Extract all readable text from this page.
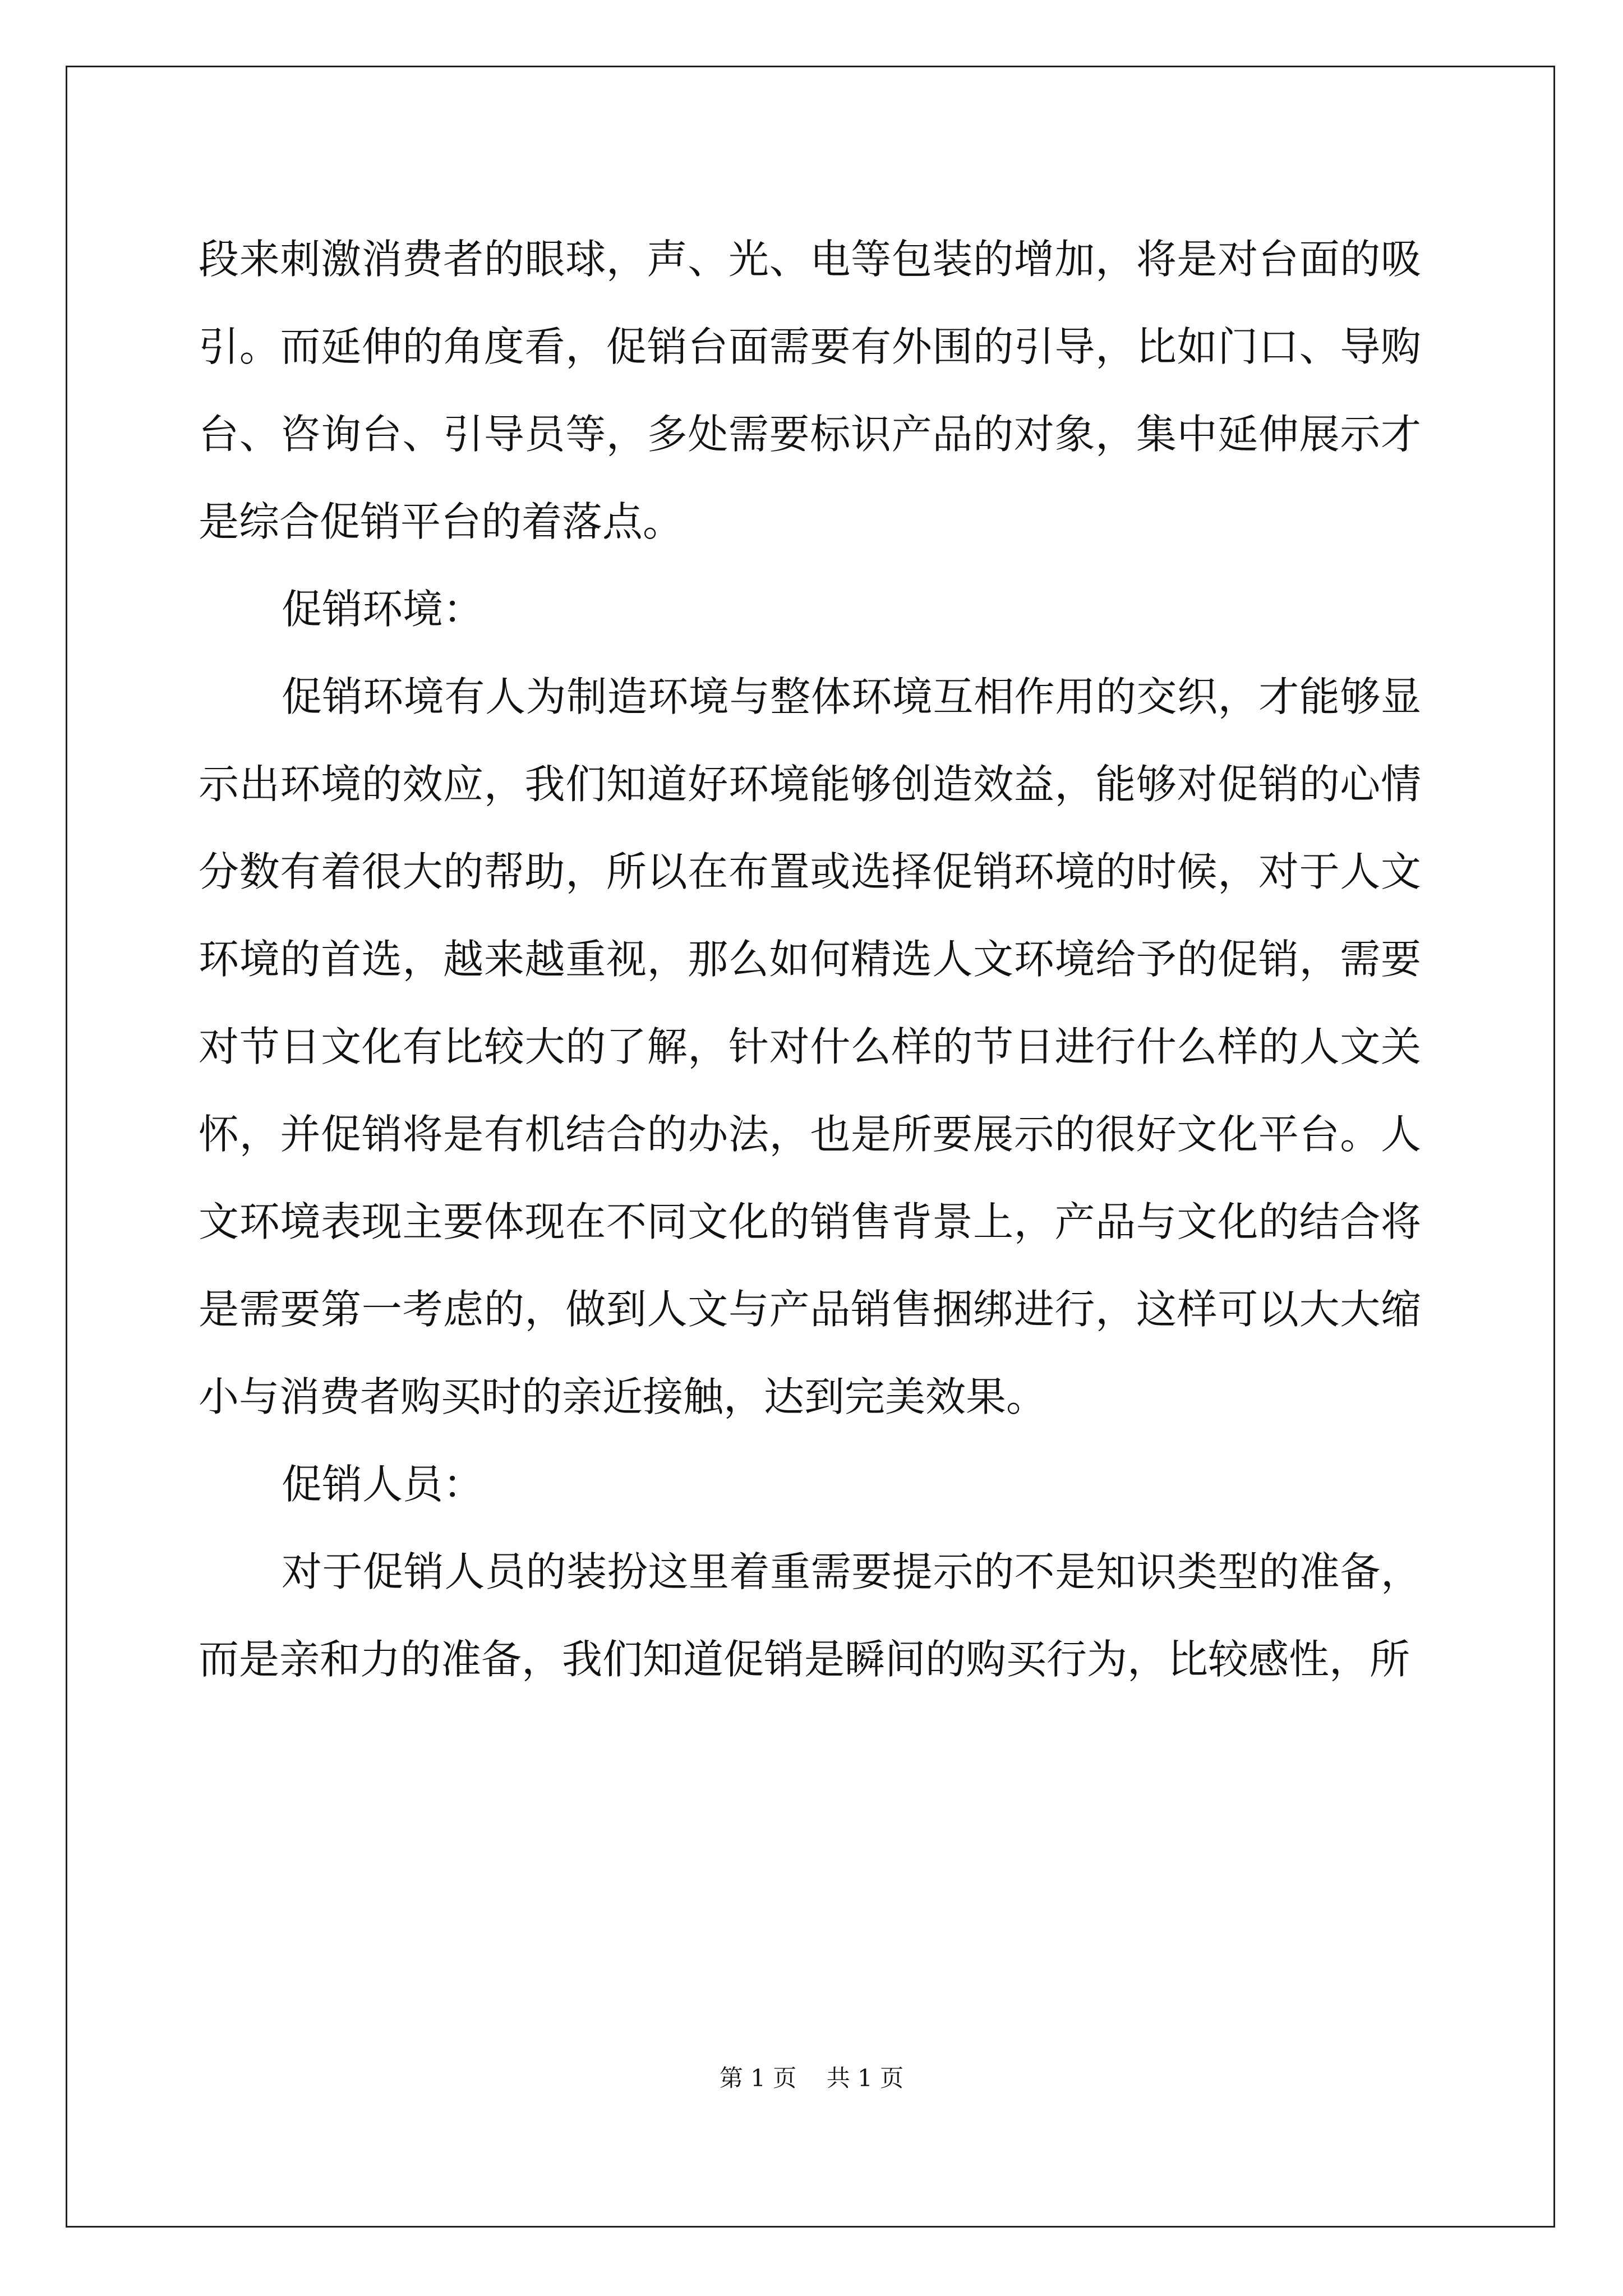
段来刺激消费者的眼球，声、光、电等包装的增加，将是对台面的吸引。而延伸的角度看，促销台面需要有外围的引导，比如门口、导购台、咨询台、引导员等，多处需要标识产品的对象，集中延伸展示才是综合促销平台的着落点。

促销环境：

促销环境有人为制造环境与整体环境互相作用的交织，才能够显示出环境的效应，我们知道好环境能够创造效益，能够对促销的心情分数有着很大的帮助，所以在布置或选择促销环境的时候，对于人文环境的首选，越来越重视，那么如何精选人文环境给予的促销，需要对节日文化有比较大的了解，针对什么样的节日进行什么样的人文关怀，并促销将是有机结合的办法，也是所要展示的很好文化平台。人文环境表现主要体现在不同文化的销售背景上，产品与文化的结合将是需要第一考虑的，做到人文与产品销售捆绑进行，这样可以大大缩小与消费者购买时的亲近接触，达到完美效果。

促销人员：

对于促销人员的装扮这里着重需要提示的不是知识类型的准备，而是亲和力的准备，我们知道促销是瞬间的购买行为，比较感性，所

第 1 页    共 1 页
